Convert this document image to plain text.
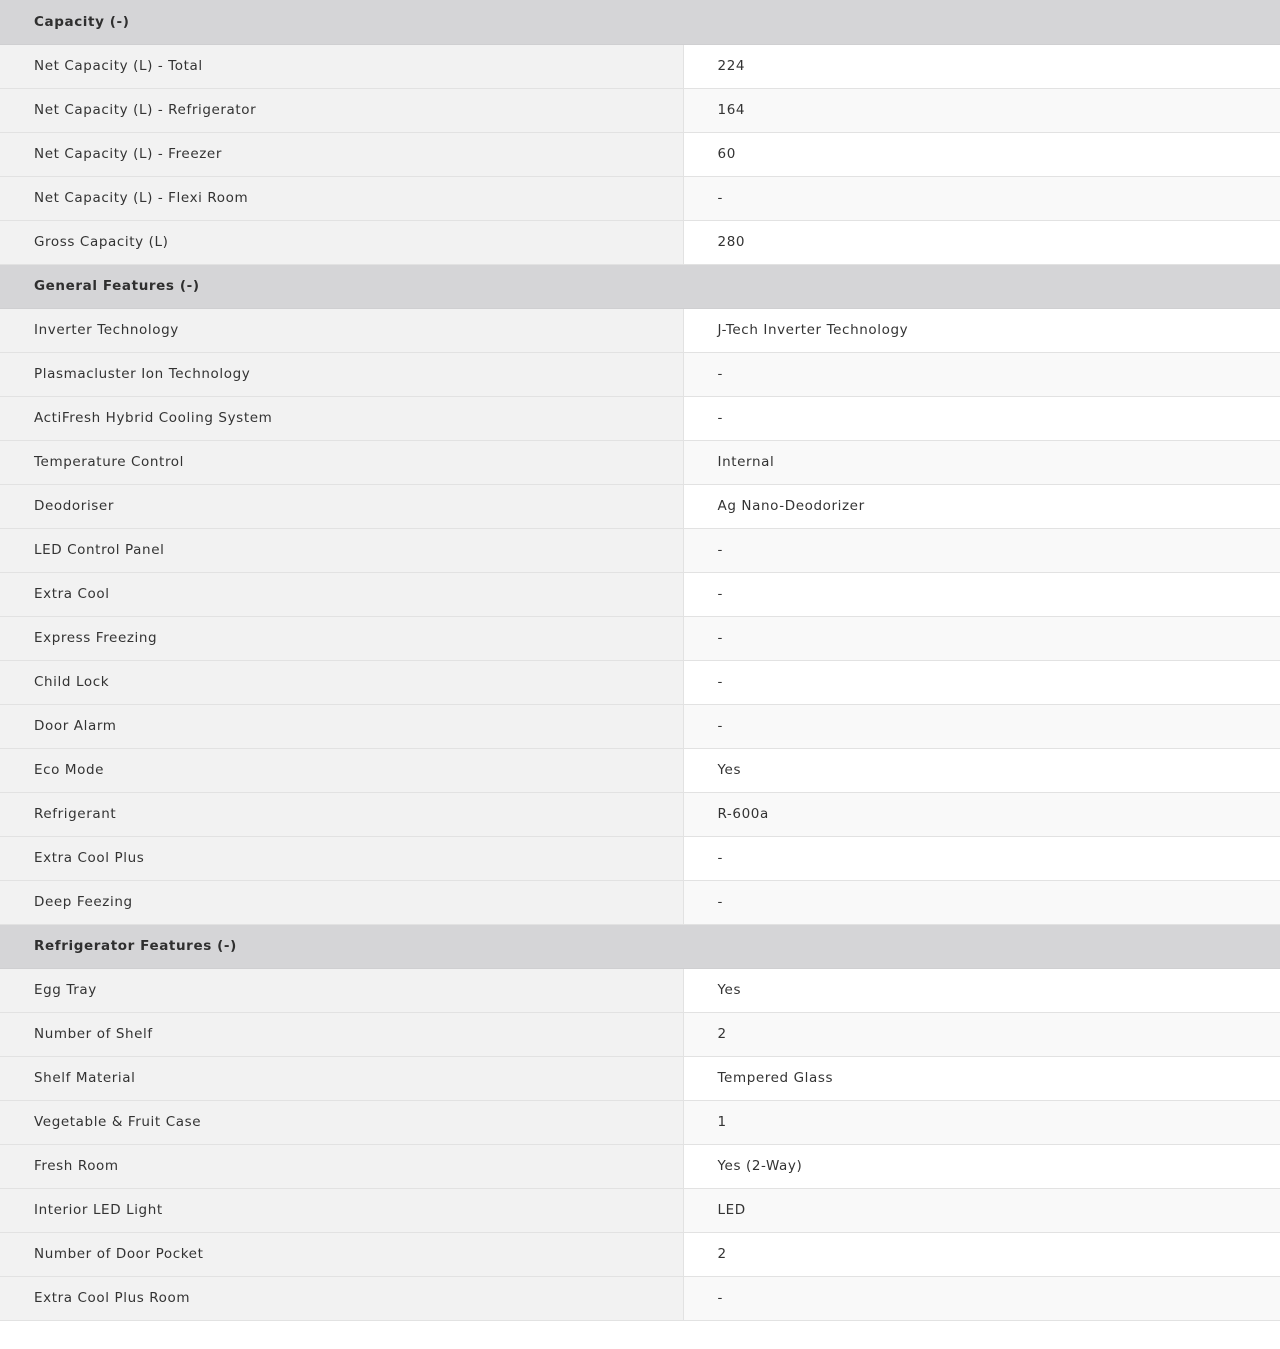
Capacity (-)	
Net Capacity (L) - Total	224
Net Capacity (L) - Refrigerator	164
Net Capacity (L) - Freezer	60
Net Capacity (L) - Flexi Room	-
Gross Capacity (L)	280
General Features (-)	
Inverter Technology	J-Tech Inverter Technology
Plasmacluster Ion Technology	-
ActiFresh Hybrid Cooling System	-
Temperature Control	Internal
Deodoriser	Ag Nano-Deodorizer
LED Control Panel	-
Extra Cool	-
Express Freezing	-
Child Lock	-
Door Alarm	-
Eco Mode	Yes
Refrigerant	R-600a
Extra Cool Plus	-
Deep Feezing	-
Refrigerator Features (-)	
Egg Tray	Yes
Number of Shelf	2
Shelf Material	Tempered Glass
Vegetable & Fruit Case	1
Fresh Room	Yes (2-Way)
Interior LED Light	LED
Number of Door Pocket	2
Extra Cool Plus Room	-
